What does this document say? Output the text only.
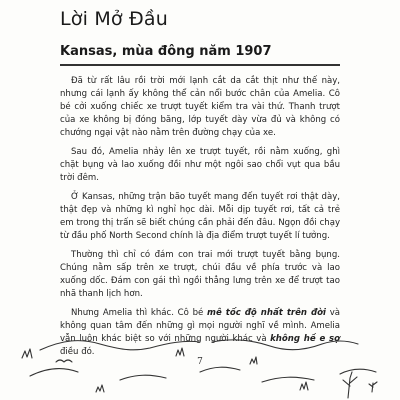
Lời Mở Đầu
Kansas, mùa đông năm 1907

Đã từ rất lâu rồi trời mới lạnh cắt da cắt thịt như thế này, nhưng cái lạnh ấy không thể cản nổi bước chân của Amelia. Cô bé cởi xuống chiếc xe trượt tuyết kiểm tra vài thứ. Thanh trượt của xe không bị đóng băng, lớp tuyết dày vừa đủ và không có chướng ngại vật nào nằm trên đường chạy của xe.

Sau đó, Amelia nhảy lên xe trượt tuyết, rồi nằm xuống, ghì chặt bụng và lao xuống đồi như một ngôi sao chổi vụt qua bầu trời đêm.

Ở Kansas, những trận bão tuyết mang đến tuyết rơi thật dày, thật đẹp và những kì nghỉ học dài. Mỗi dịp tuyết rơi, tất cả trẻ em trong thị trấn sẽ biết chúng cần phải đến đâu. Ngọn đồi chạy từ đầu phố North Second chính là địa điểm trượt tuyết lí tưởng.

Thường thì chỉ có đám con trai mới trượt tuyết bằng bụng. Chúng nằm sấp trên xe trượt, chúi đầu về phía trước và lao xuống dốc. Đám con gái thì ngồi thẳng lưng trên xe để trượt tao nhã thanh lịch hơn.

Nhưng Amelia thì khác. Cô bé mê tốc độ nhất trên đời và không quan tâm đến những gì mọi người nghĩ về mình. Amelia vẫn luôn khác biệt so với những người khác và không hề e sợ điều đó.

7
